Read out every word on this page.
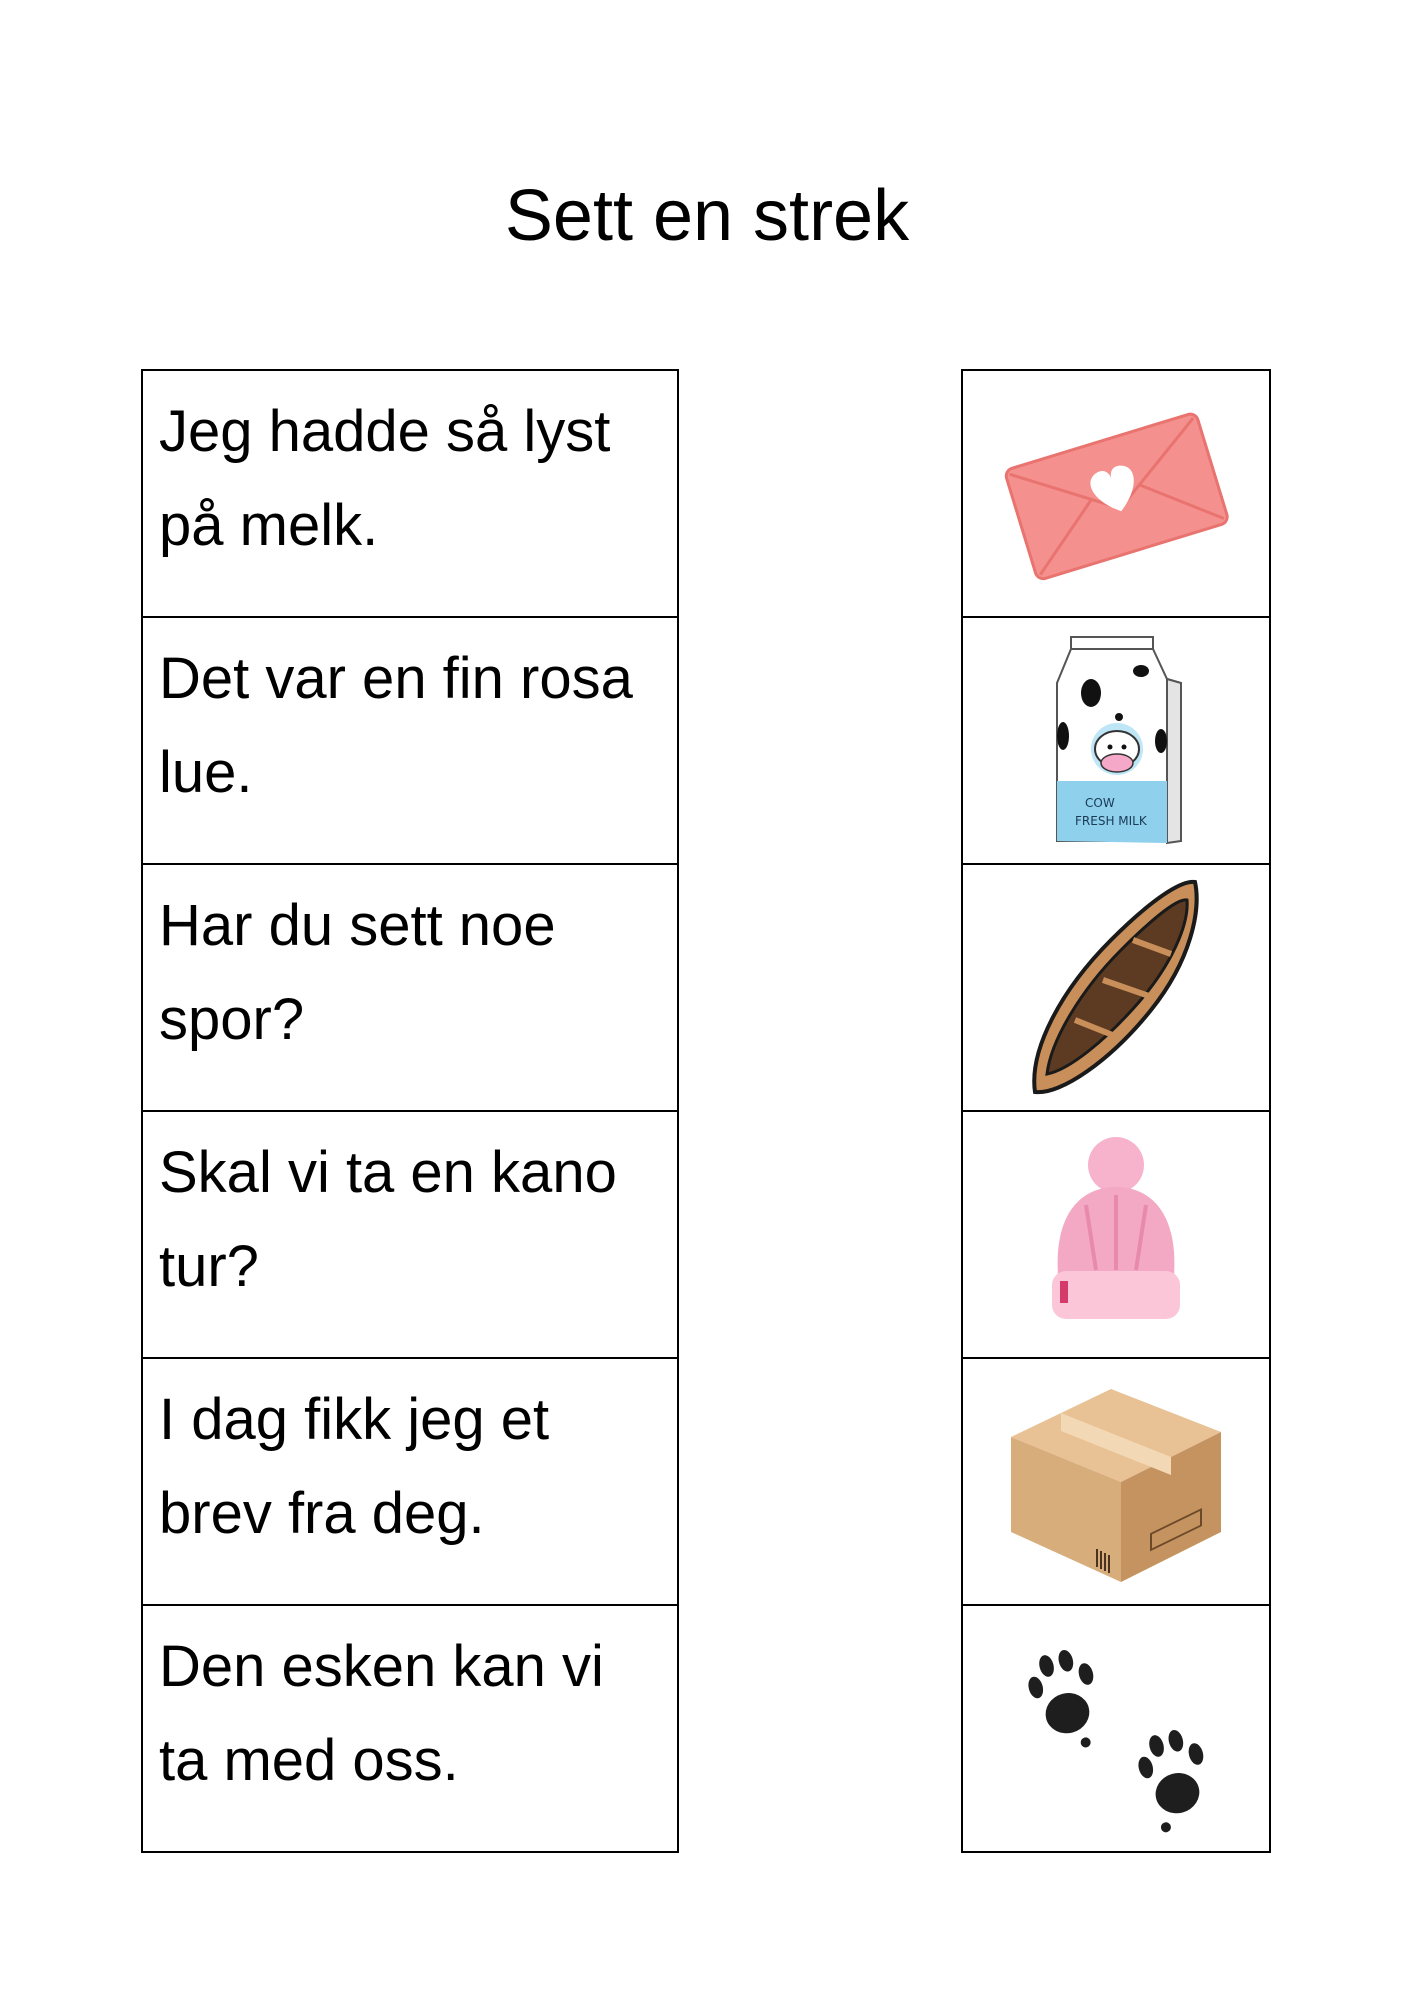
Sett en strek
Jeg hadde så lyst på melk.
Det var en fin rosa lue.
Har du sett noe spor?
Skal vi ta en kano tur?
I dag fikk jeg et brev fra deg.
Den esken kan vi ta med oss.
COW
FRESH MILK
